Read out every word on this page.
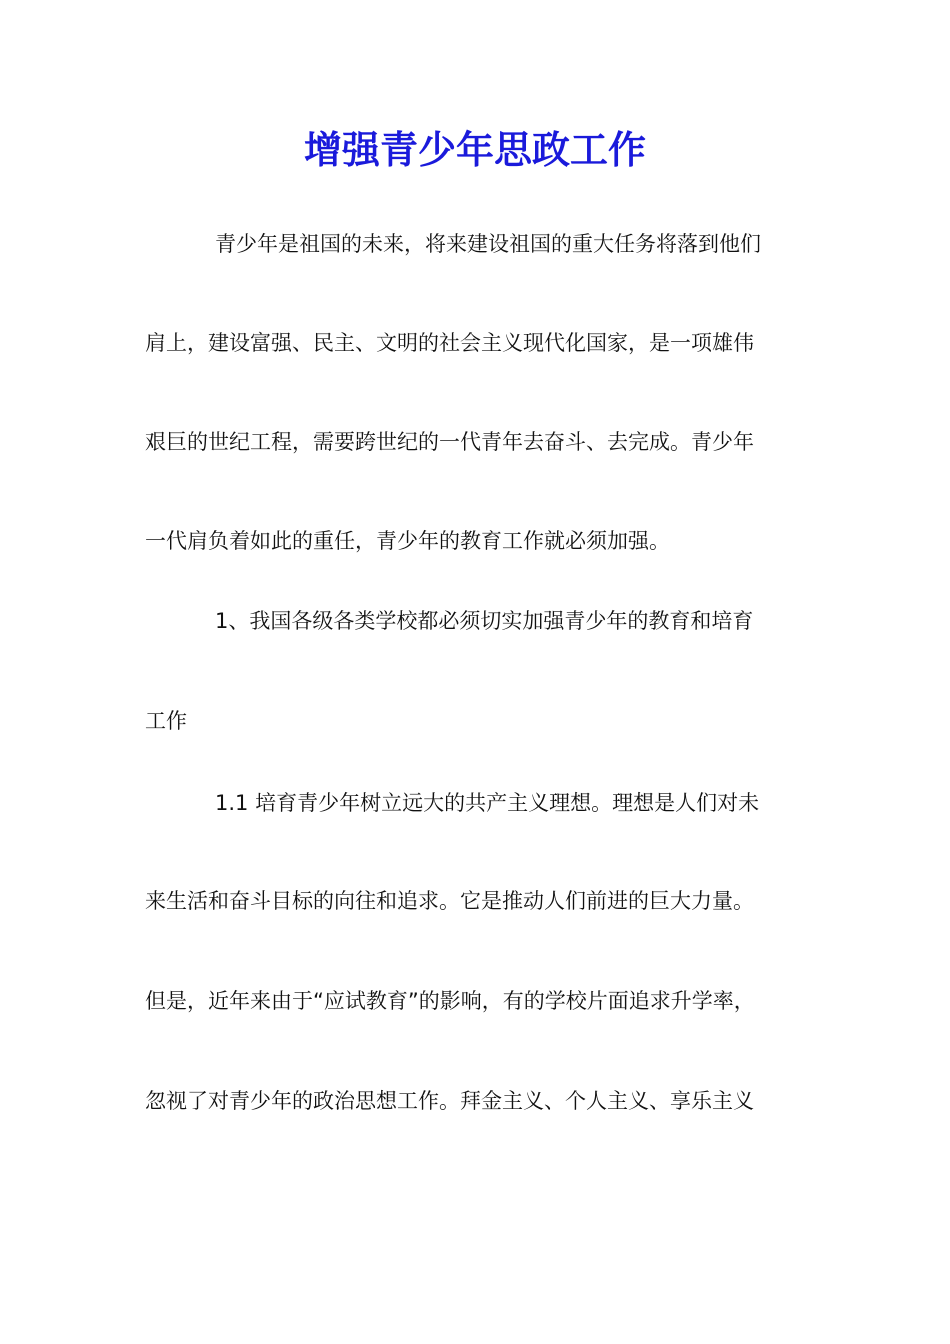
增强青少年思政工作

青少年是祖国的未来，将来建设祖国的重大任务将落到他们

肩上，建设富强、民主、文明的社会主义现代化国家，是一项雄伟

艰巨的世纪工程，需要跨世纪的一代青年去奋斗、去完成。青少年

一代肩负着如此的重任，青少年的教育工作就必须加强。

1、我国各级各类学校都必须切实加强青少年的教育和培育

工作

1.1 培育青少年树立远大的共产主义理想。理想是人们对未

来生活和奋斗目标的向往和追求。它是推动人们前进的巨大力量。

但是，近年来由于“应试教育”的影响，有的学校片面追求升学率，

忽视了对青少年的政治思想工作。拜金主义、个人主义、享乐主义
